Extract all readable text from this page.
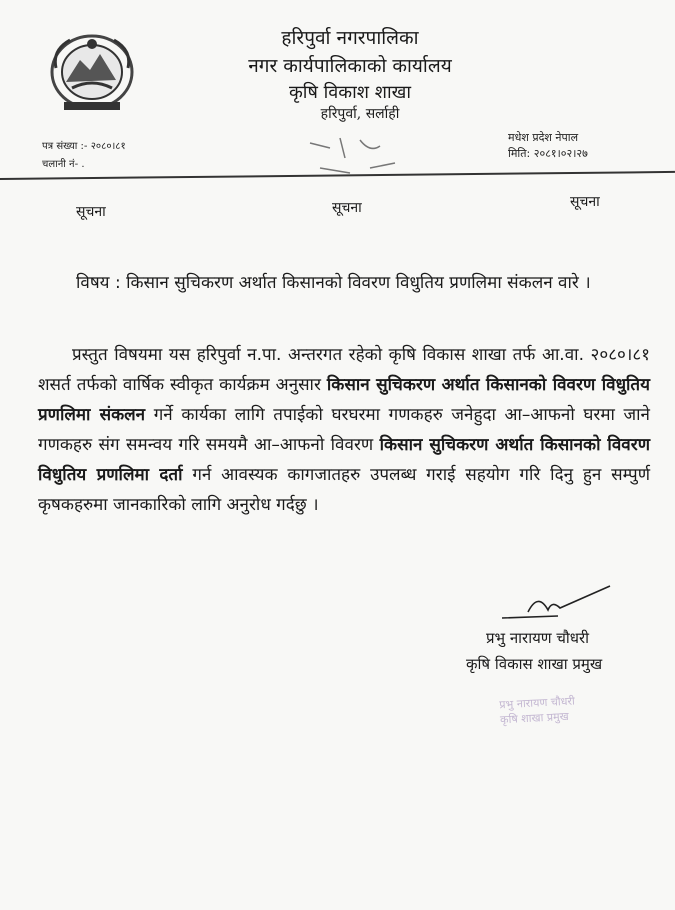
हरिपुर्वा नगरपालिका
नगर कार्यपालिकाको कार्यालय
कृषि विकाश शाखा
हरिपुर्वा, सर्लाही
पत्र संख्या :- २०८०।८१
चलानी नं- .
मधेश प्रदेश नेपाल
मिति: २०८१।०२।२७
सूचना	सूचना	सूचना
विषय : किसान सुचिकरण अर्थात किसानको विवरण विधुतिय प्रणलिमा संकलन वारे ।
प्रस्तुत विषयमा यस हरिपुर्वा न.पा. अन्तरगत रहेको कृषि विकास शाखा तर्फ आ.वा. २०८०।८१ शसर्त तर्फको वार्षिक स्वीकृत कार्यक्रम अनुसार किसान सुचिकरण अर्थात किसानको विवरण विधुतिय प्रणलिमा संकलन गर्ने कार्यका लागि तपाईको घरघरमा गणकहरु जनेहुदा आ–आफनो घरमा जाने गणकहरु संग समन्वय गरि समयमै आ–आफनो विवरण किसान सुचिकरण अर्थात किसानको विवरण विधुतिय प्रणलिमा दर्ता गर्न आवस्यक कागजातहरु उपलब्ध गराई सहयोग गरि दिनु हुन सम्पुर्ण कृषकहरुमा जानकारिको लागि अनुरोध गर्दछु ।
प्रभु नारायण चौधरी
कृषि विकास शाखा प्रमुख
प्रभु नारायण चौधरी
कृषि शाखा प्रमुख
